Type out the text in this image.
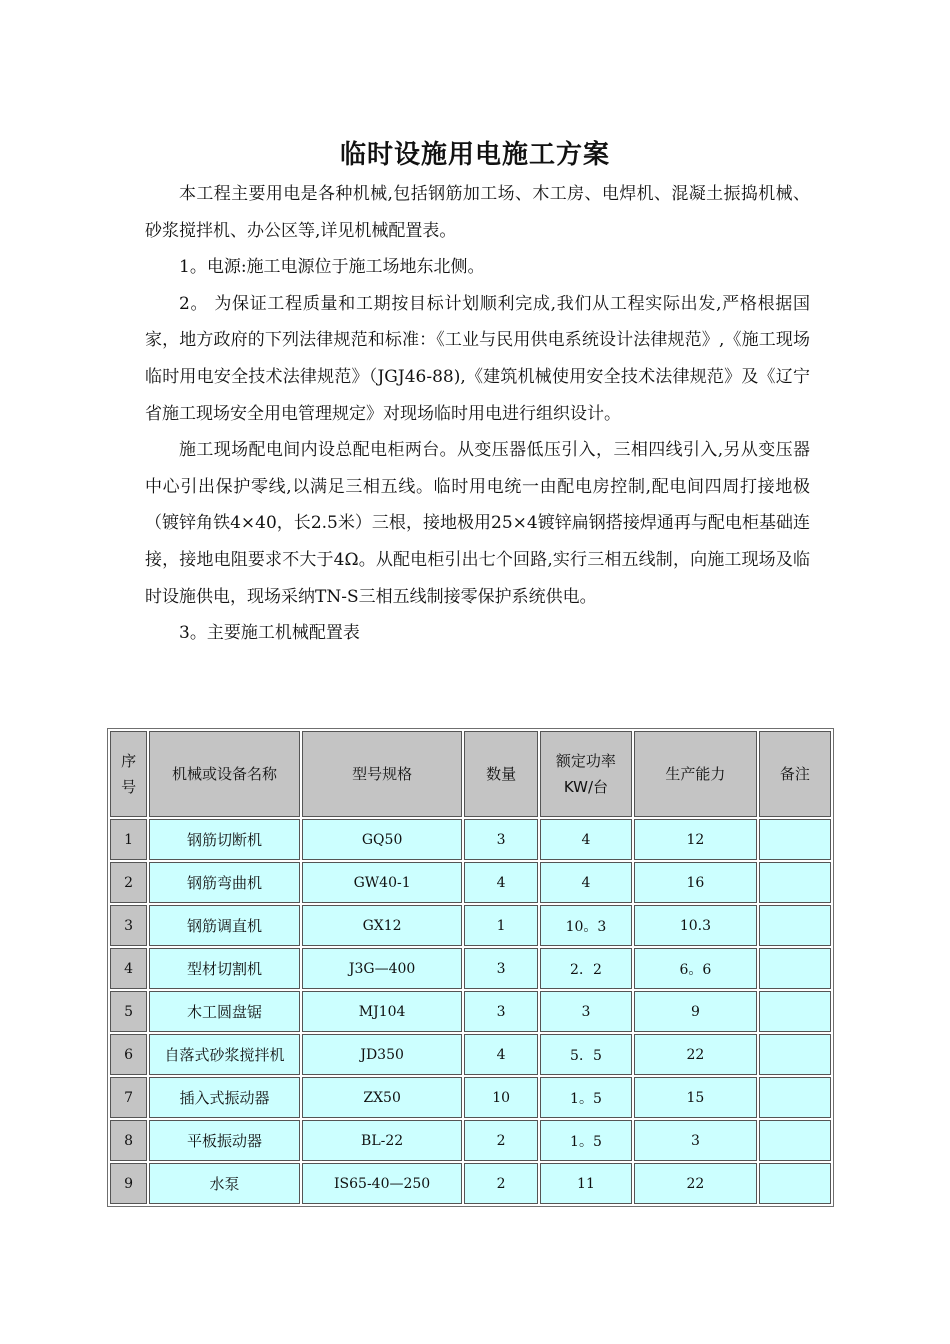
临时设施用电施工方案

本工程主要用电是各种机械,包括钢筋加工场、木工房、电焊机、混凝土振捣机械、砂浆搅拌机、办公区等,详见机械配置表。

1。电源:施工电源位于施工场地东北侧。

2。 为保证工程质量和工期按目标计划顺利完成,我们从工程实际出发,严格根据国家，地方政府的下列法律规范和标准：《工业与民用供电系统设计法律规范》,《施工现场临时用电安全技术法律规范》（JGJ46-88),《建筑机械使用安全技术法律规范》及《辽宁省施工现场安全用电管理规定》对现场临时用电进行组织设计。

施工现场配电间内设总配电柜两台。从变压器低压引入，三相四线引入,另从变压器中心引出保护零线,以满足三相五线。临时用电统一由配电房控制,配电间四周打接地极（镀锌角铁4×40，长2.5米）三根，接地极用25×4镀锌扁钢搭接焊通再与配电柜基础连接，接地电阻要求不大于4Ω。从配电柜引出七个回路,实行三相五线制，向施工现场及临时设施供电，现场采纳TN-S三相五线制接零保护系统供电。

3。主要施工机械配置表

序号	机械或设备名称	型号规格	数量	额定功率KW/台	生产能力	备注
1	钢筋切断机	GQ50	3	4	12	
2	钢筋弯曲机	GW40-1	4	4	16	
3	钢筋调直机	GX12	1	10。3	10.3	
4	型材切割机	J3G—400	3	2．2	6。6	
5	木工圆盘锯	MJ104	3	3	9	
6	自落式砂浆搅拌机	JD350	4	5．5	22	
7	插入式振动器	ZX50	10	1。5	15	
8	平板振动器	BL-22	2	1。5	3	
9	水泵	IS65-40—250	2	11	22	
